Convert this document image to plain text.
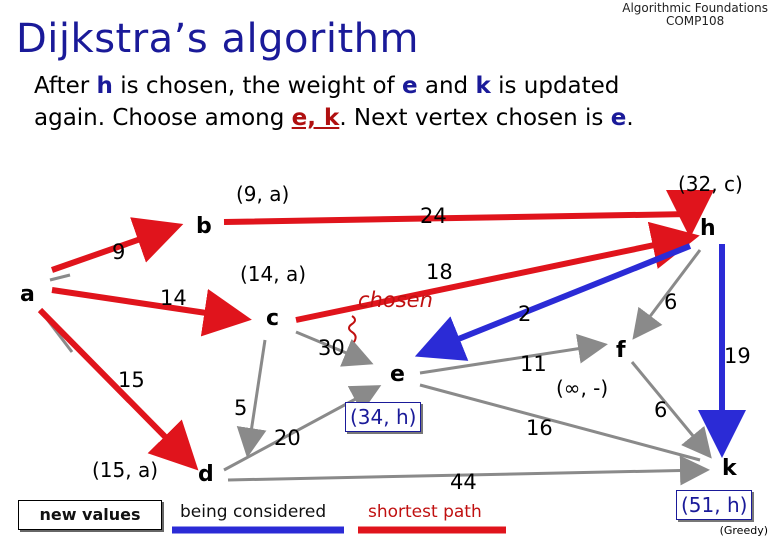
Dijkstra’s algorithm
Algorithmic Foundations
COMP108
After h is chosen, the weight of e and k is updated
again. Choose among e, k. Next vertex chosen is e.
a
b
c
d
e
f
h
k
9
14
15
24
30
5
20
18
2
11
6
19
16
6
44
(9, a)
(14, a)
(32, c)
(15, a)
(∞, -)
(34, h)
(51, h)
chosen
new values	being considered shortest path
(Greedy)
